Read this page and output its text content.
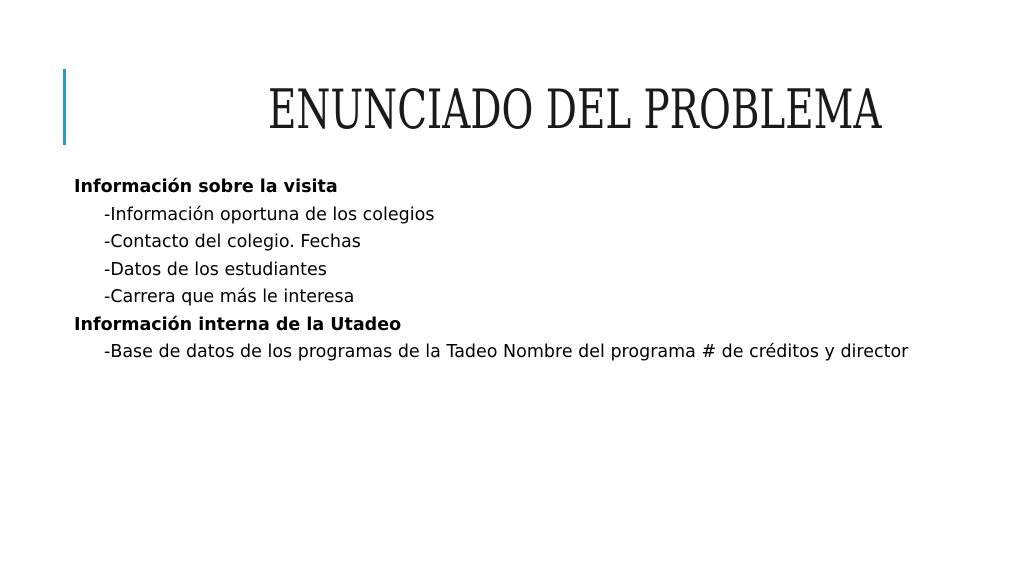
ENUNCIADO DEL PROBLEMA
Información sobre la visita
- Información oportuna de los colegios
- Contacto del colegio. Fechas
- Datos de los estudiantes
- Carrera que más le interesa
Información interna de la Utadeo
- Base de datos de los programas de la Tadeo Nombre del programa # de créditos y director
